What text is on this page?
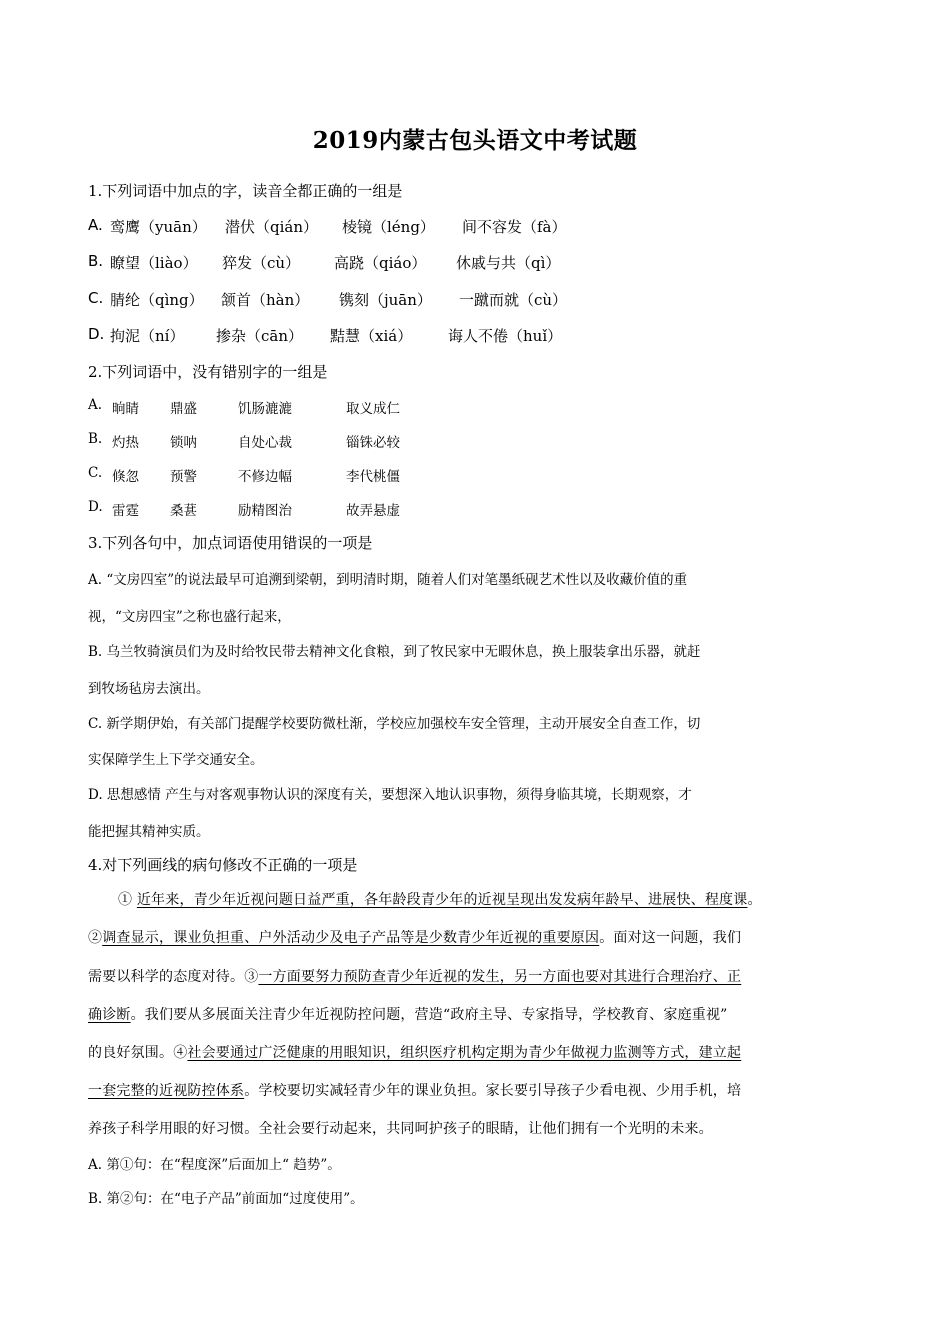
2019内蒙古包头语文中考试题
1.下列词语中加点的字，读音全都正确的一组是
A. 鸾鹰（yuān） 潜伏（qián） 棱镜（léng） 间不容发（fà）
B. 瞭望（liào） 猝发（cù） 高跷（qiáo） 休戚与共（qì）
C. 腈纶（qìng） 颔首（hàn） 镌刻（juān） 一蹴而就（cù）
D. 拘泥（ní） 掺杂（cān） 黠慧（xiá） 诲人不倦（huǐ）
2.下列词语中，没有错别字的一组是
A. 晌睛 鼎盛	饥肠漉漉	取义成仁
B. 灼热 锁呐	自处心裁	锱铢必较
C. 倏忽 预警	不修边幅	李代桃僵
D. 雷霆 桑葚	励精图治	故弄悬虚
3.下列各句中，加点词语使用错误的一项是
A. “文房四室”的说法最早可追溯到梁朝，到明清时期，随着人们对笔墨纸砚艺术性以及收藏价值的重
视，“文房四宝”之称也盛行起来，
B. 乌兰牧骑演员们为及时给牧民带去精神文化食粮，到了牧民家中无暇休息，换上服装拿出乐器，就赶
到牧场毡房去演出。
C. 新学期伊始，有关部门提醒学校要防微杜渐，学校应加强校车安全管理，主动开展安全自查工作，切
实保障学生上下学交通安全。
D. 思想感情 产生与对客观事物认识的深度有关，要想深入地认识事物，须得身临其境，长期观察，才
能把握其精神实质。
4.对下列画线的病句修改不正确的一项是
① 近年来，青少年近视问题日益严重，各年龄段青少年的近视呈现出发发病年龄早、进展快、程度课。
②调查显示，课业负担重、户外活动少及电子产品等是少数青少年近视的重要原因。面对这一问题，我们
需要以科学的态度对待。③一方面要努力预防查青少年近视的发生，另一方面也要对其进行合理治疗、正
确诊断。我们要从多展面关注青少年近视防控问题，营造“政府主导、专家指导，学校教育、家庭重视”
的良好氛围。④社会要通过广泛健康的用眼知识，组织医疗机构定期为青少年做视力监测等方式，建立起
一套完整的近视防控体系。学校要切实减轻青少年的课业负担。家长要引导孩子少看电视、少用手机，培
养孩子科学用眼的好习惯。全社会要行动起来，共同呵护孩子的眼睛，让他们拥有一个光明的未来。
A. 第①句：在“程度深”后面加上“ 趋势”。
B. 第②句：在“电子产品”前面加“过度使用”。
